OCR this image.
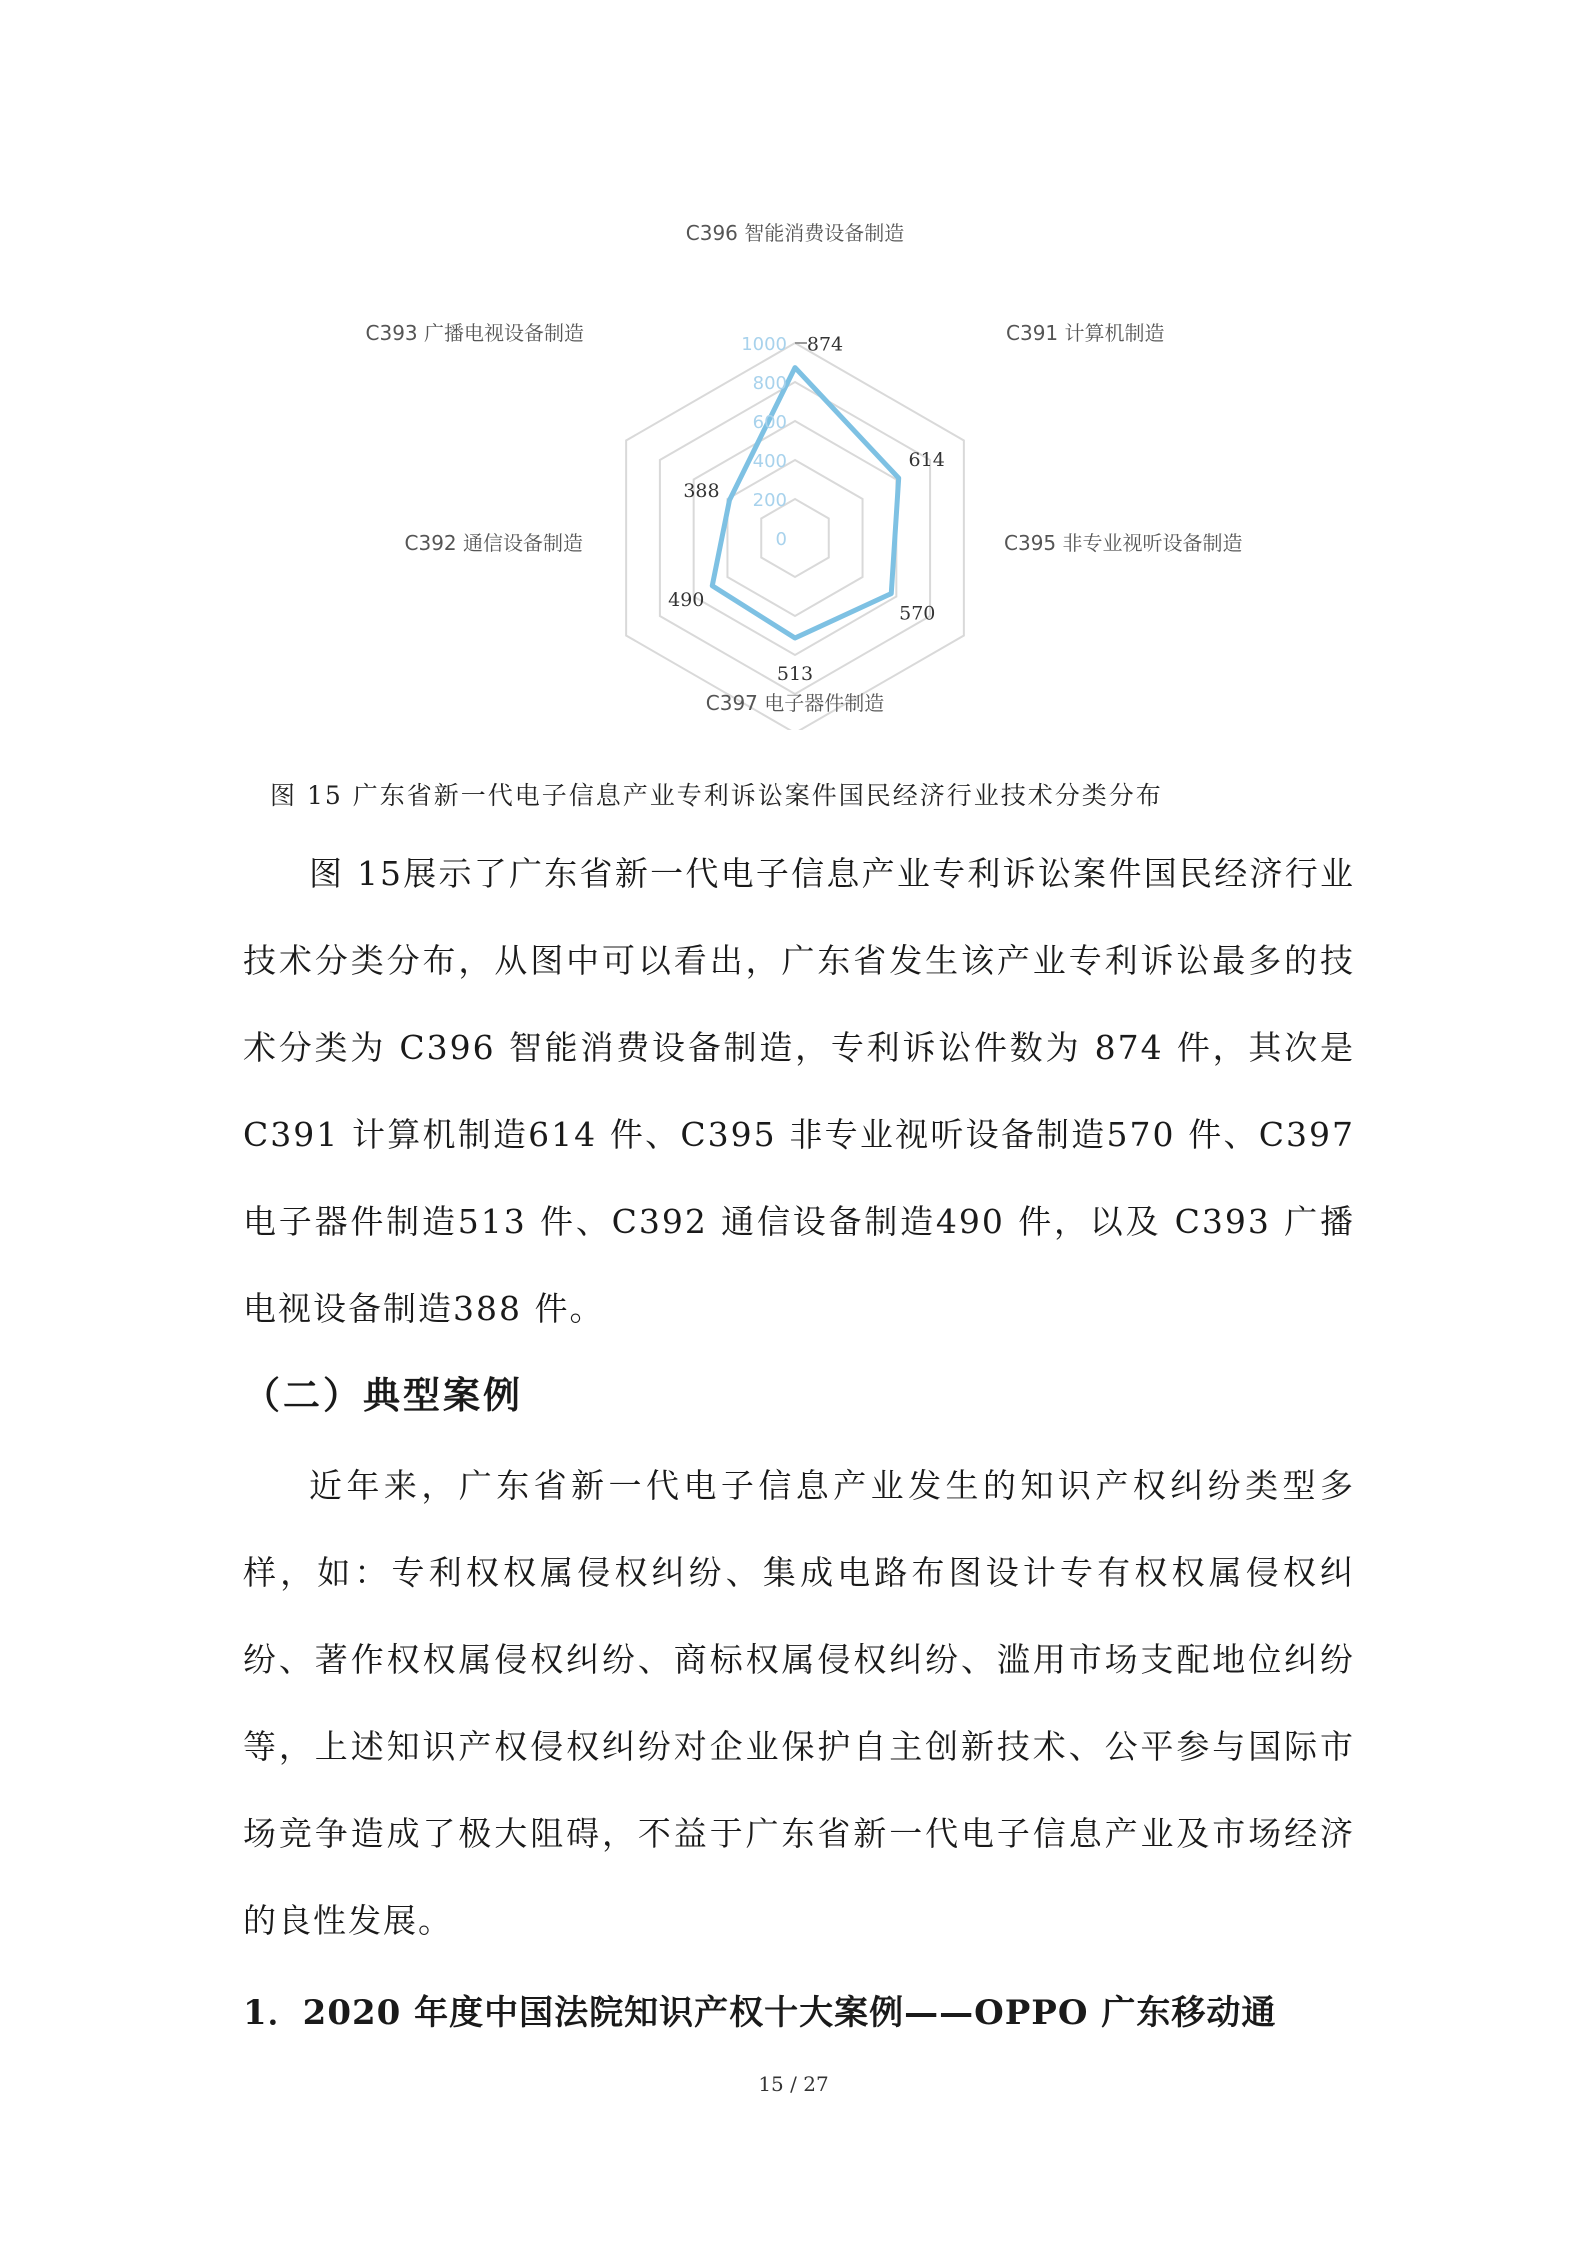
0
200
400
600
800
1000
C396 智能消费设备制造
C391 计算机制造
C395 非专业视听设备制造
C397 电子器件制造
C392 通信设备制造
C393 广播电视设备制造	874
614
570
513
490
388
图 15 广东省新一代电子信息产业专利诉讼案件国民经济行业技术分类分布

图 15展示了广东省新一代电子信息产业专利诉讼案件国民经济行业技术分类分布，从图中可以看出，广东省发生该产业专利诉讼最多的技术分类为 C396 智能消费设备制造，专利诉讼件数为 874 件，其次是 C391 计算机制造614 件、C395 非专业视听设备制造570 件、C397 电子器件制造513 件、C392 通信设备制造490 件，以及 C393 广播电视设备制造388 件。

（二）典型案例

近年来，广东省新一代电子信息产业发生的知识产权纠纷类型多样，如：专利权权属侵权纠纷、集成电路布图设计专有权权属侵权纠纷、著作权权属侵权纠纷、商标权属侵权纠纷、滥用市场支配地位纠纷等，上述知识产权侵权纠纷对企业保护自主创新技术、公平参与国际市场竞争造成了极大阻碍，不益于广东省新一代电子信息产业及市场经济的良性发展。

1．2020 年度中国法院知识产权十大案例——OPPO 广东移动通
15 / 27
